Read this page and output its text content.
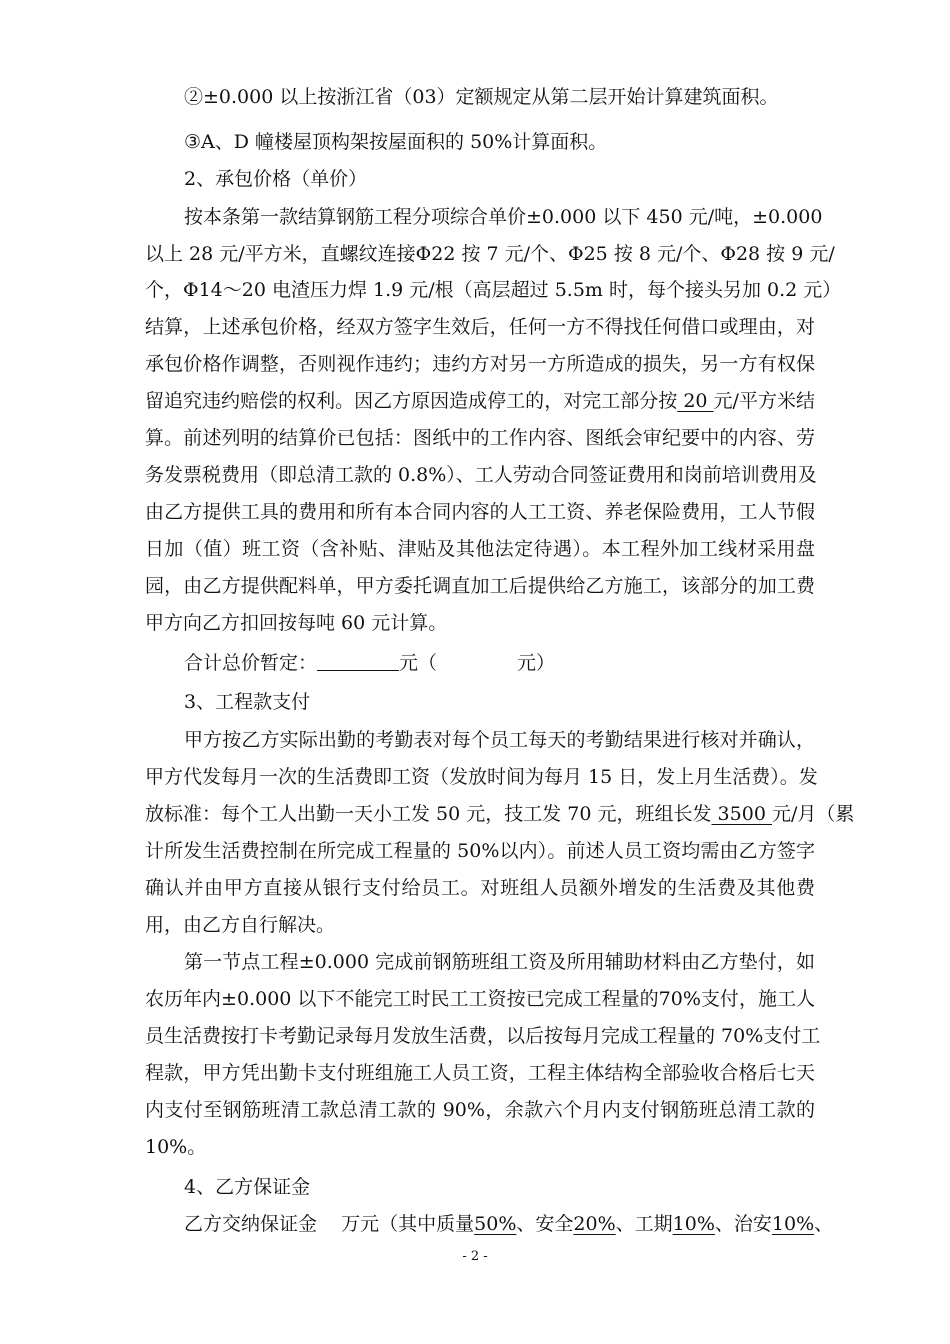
②±0.000 以上按浙江省（03）定额规定从第二层开始计算建筑面积。
③A、D 幢楼屋顶构架按屋面积的 50%计算面积。
2、承包价格（单价）
按本条第一款结算钢筋工程分项综合单价±0.000 以下 450 元/吨，±0.000
以上 28 元/平方米，直螺纹连接Φ22 按 7 元/个、Φ25 按 8 元/个、Φ28 按 9 元/
个，Φ14～20 电渣压力焊 1.9 元/根（高层超过 5.5m 时，每个接头另加 0.2 元）
结算，上述承包价格，经双方签字生效后，任何一方不得找任何借口或理由，对
承包价格作调整，否则视作违约；违约方对另一方所造成的损失，另一方有权保
留追究违约赔偿的权利。因乙方原因造成停工的，对完工部分按 20 元/平方米结
算。前述列明的结算价已包括：图纸中的工作内容、图纸会审纪要中的内容、劳
务发票税费用（即总清工款的 0.8%）、工人劳动合同签证费用和岗前培训费用及
由乙方提供工具的费用和所有本合同内容的人工工资、养老保险费用，工人节假
日加（值）班工资（含补贴、津贴及其他法定待遇）。本工程外加工线材采用盘
园，由乙方提供配料单，甲方委托调直加工后提供给乙方施工，该部分的加工费
甲方向乙方扣回按每吨 60 元计算。
合计总价暂定：	元（	元）
3、工程款支付
甲方按乙方实际出勤的考勤表对每个员工每天的考勤结果进行核对并确认，
甲方代发每月一次的生活费即工资（发放时间为每月 15 日，发上月生活费）。发
放标准：每个工人出勤一天小工发 50 元，技工发 70 元，班组长发 3500 元/月（累
计所发生活费控制在所完成工程量的 50%以内）。前述人员工资均需由乙方签字
确认并由甲方直接从银行支付给员工。对班组人员额外增发的生活费及其他费
用，由乙方自行解决。
第一节点工程±0.000 完成前钢筋班组工资及所用辅助材料由乙方垫付，如
农历年内±0.000 以下不能完工时民工工资按已完成工程量的70%支付，施工人
员生活费按打卡考勤记录每月发放生活费，以后按每月完成工程量的 70%支付工
程款，甲方凭出勤卡支付班组施工人员工资，工程主体结构全部验收合格后七天
内支付至钢筋班清工款总清工款的 90%，余款六个月内支付钢筋班总清工款的
10%。
4、乙方保证金
乙方交纳保证金    万元（其中质量50%、安全20%、工期10%、治安10%、
- 2 -
